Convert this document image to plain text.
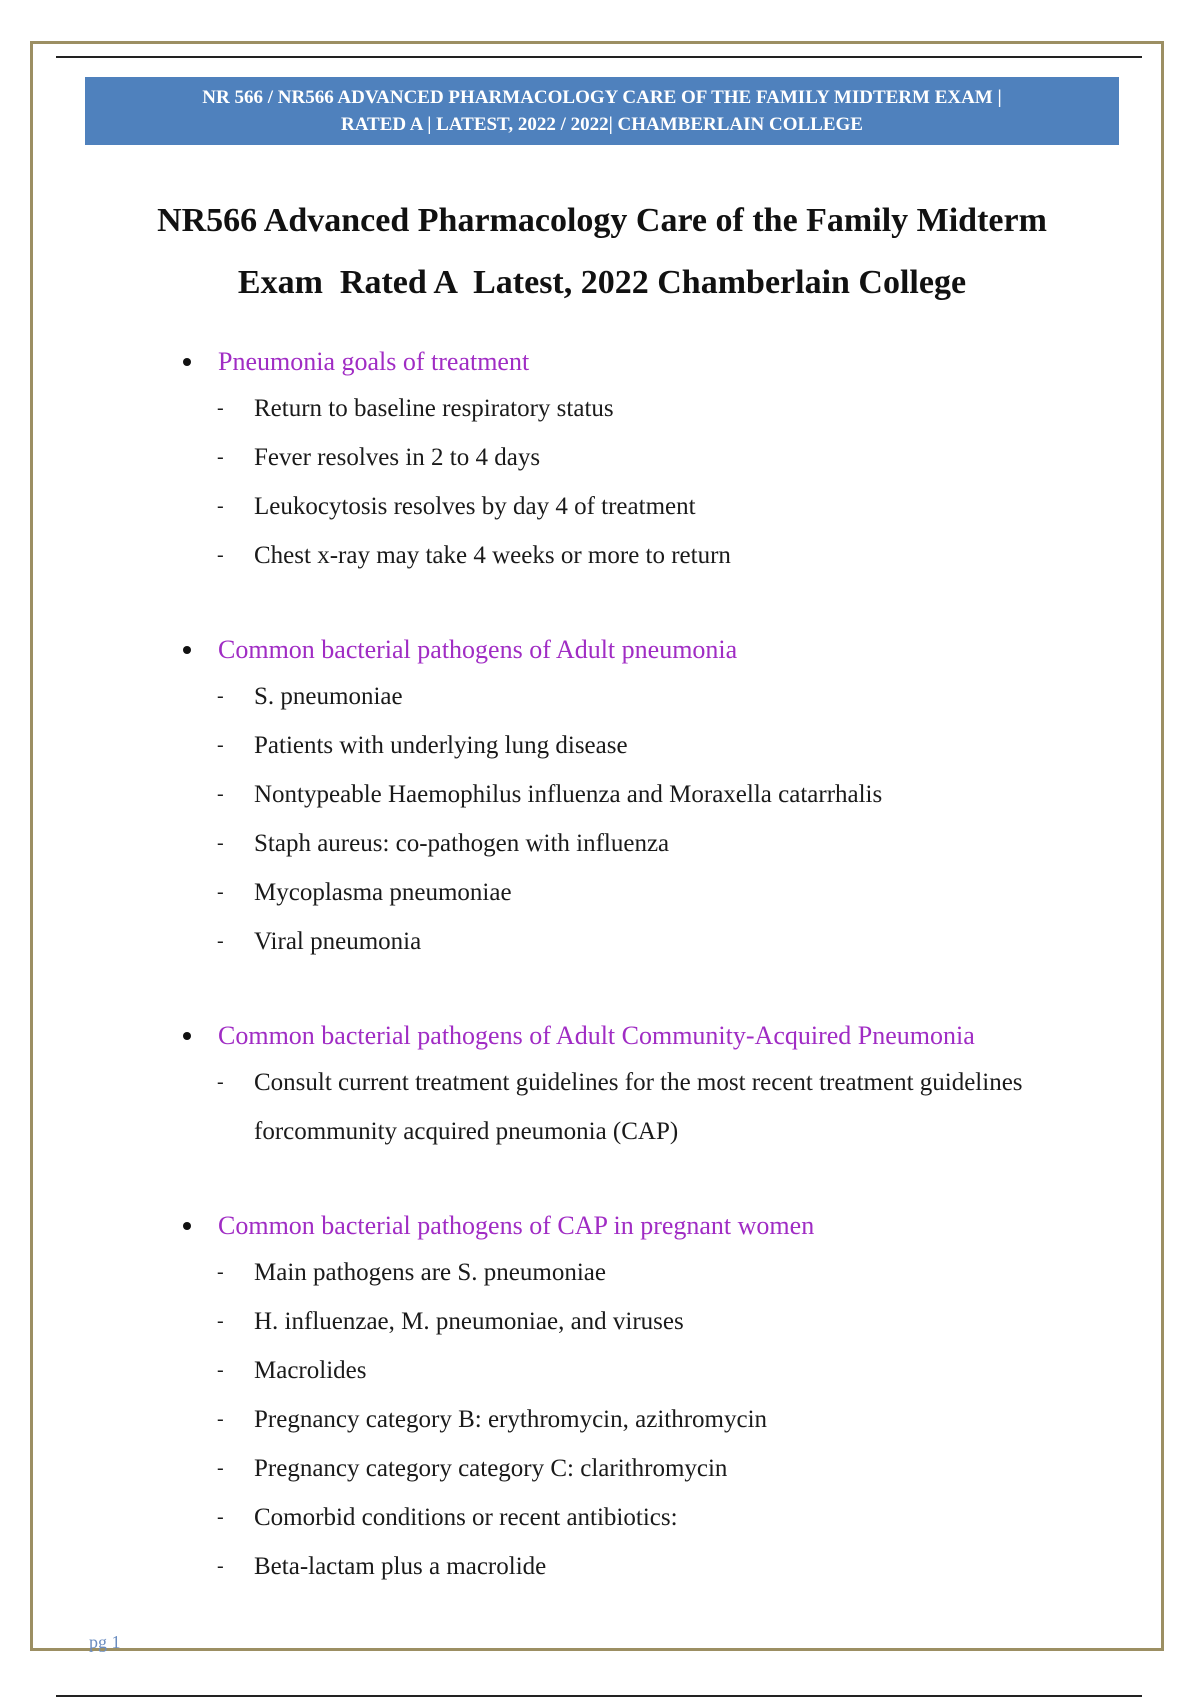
NR 566 / NR566 ADVANCED PHARMACOLOGY CARE OF THE FAMILY MIDTERM EXAM |
RATED A | LATEST, 2022 / 2022| CHAMBERLAIN COLLEGE
NR566 Advanced Pharmacology Care of the Family Midterm
Exam  Rated A  Latest, 2022 Chamberlain College
Pneumonia goals of treatment
- Return to baseline respiratory status
- Fever resolves in 2 to 4 days
- Leukocytosis resolves by day 4 of treatment
- Chest x-ray may take 4 weeks or more to return
Common bacterial pathogens of Adult pneumonia
- S. pneumoniae
- Patients with underlying lung disease
- Nontypeable Haemophilus influenza and Moraxella catarrhalis
- Staph aureus: co-pathogen with influenza
- Mycoplasma pneumoniae
- Viral pneumonia
Common bacterial pathogens of Adult Community-Acquired Pneumonia
- Consult current treatment guidelines for the most recent treatment guidelines forcommunity acquired pneumonia (CAP)
Common bacterial pathogens of CAP in pregnant women
- Main pathogens are S. pneumoniae
- H. influenzae, M. pneumoniae, and viruses
- Macrolides
- Pregnancy category B: erythromycin, azithromycin
- Pregnancy category category C: clarithromycin
- Comorbid conditions or recent antibiotics:
- Beta-lactam plus a macrolide
pg 1
